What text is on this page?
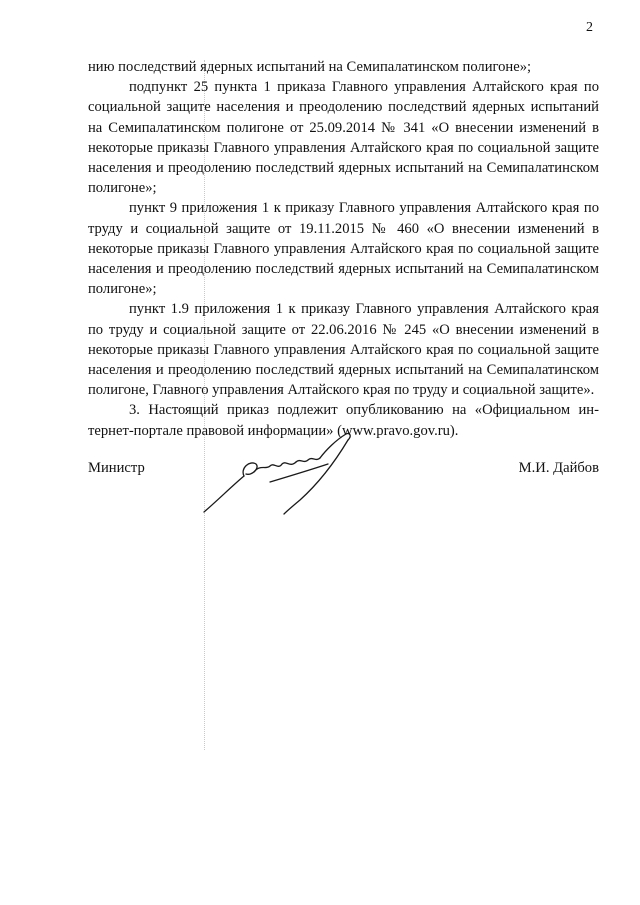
2

нию последствий ядерных испытаний на Семипалатинском полигоне»;

подпункт 25 пункта 1 приказа Главного управления Алтайского края по социальной защите населения и преодолению последствий ядерных испытаний на Семипалатинском полигоне от 25.09.2014 № 341 «О внесении изменений в некоторые приказы Главного управления Алтайского края по социальной защите населения и преодолению последствий ядерных испытаний на Семипалатинском полигоне»;

пункт 9 приложения 1 к приказу Главного управления Алтайского края по труду и социальной защите от 19.11.2015 № 460 «О внесении изменений в некоторые приказы Главного управления Алтайского края по социальной защите населения и преодолению последствий ядерных испытаний на Семипалатинском полигоне»;

пункт 1.9 приложения 1 к приказу Главного управления Алтайского края по труду и социальной защите от 22.06.2016 № 245 «О внесении изменений в некоторые приказы Главного управления Алтайского края по социальной защите населения и преодолению последствий ядерных испытаний на Семипалатинском полигоне, Главного управления Алтайского края по труду и социальной защите».

3. Настоящий приказ подлежит опубликованию на «Официальном интернет-портале правовой информации» (www.pravo.gov.ru).

Министр	М.И. Дайбов
